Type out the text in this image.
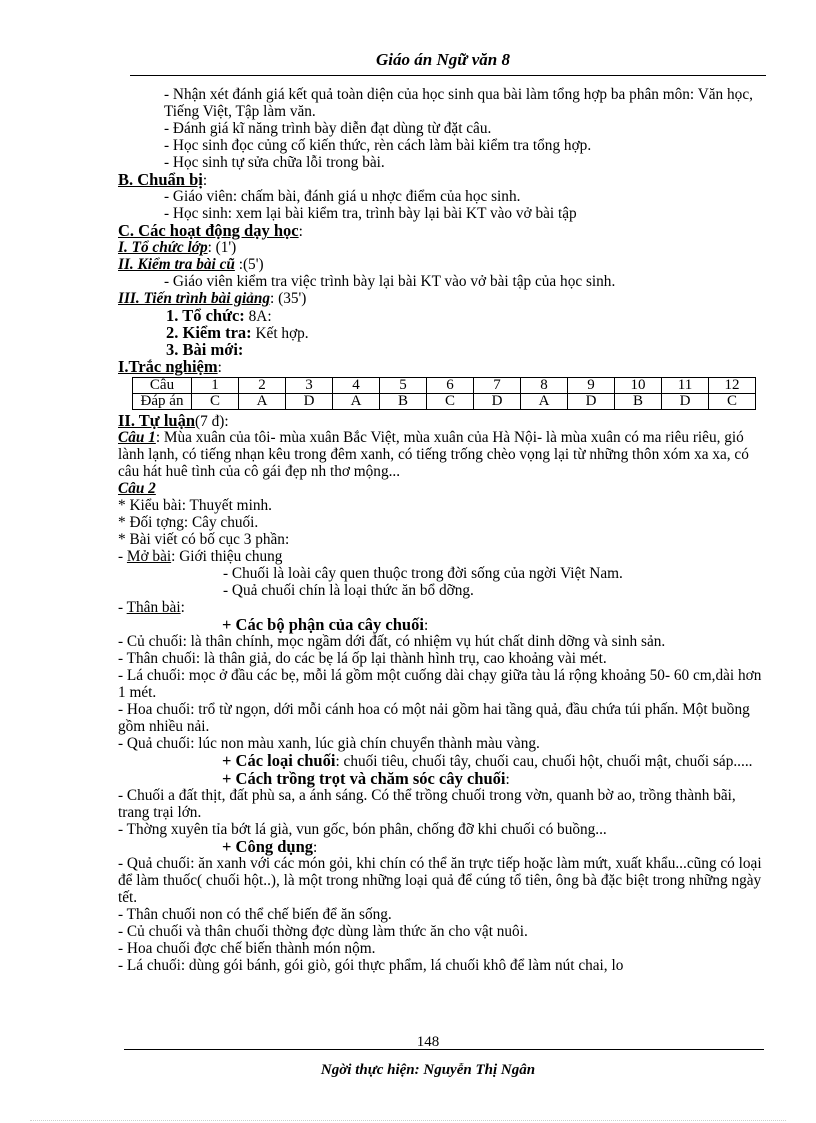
Giáo án Ngữ văn 8
- Nhận xét đánh giá kết quả toàn diện của học sinh qua bài làm tổng hợp ba phân môn: Văn học, Tiếng Việt, Tập làm văn.
- Đánh giá kĩ năng trình bày diễn đạt dùng từ đặt câu.
- Học sinh đọc củng cố kiến thức, rèn cách làm bài kiểm tra tổng hợp.
- Học sinh tự sửa chữa lỗi trong bài.
B. Chuẩn bị:
- Giáo viên: chấm bài, đánh giá u nhợc điểm của học sinh.
- Học sinh: xem lại bài kiểm tra, trình bày lại bài KT vào vở bài tập
C. Các hoạt động dạy học:
I. Tổ chức lớp: (1')
II. Kiểm tra bài cũ :(5')
- Giáo viên kiểm tra việc trình bày lại bài KT vào vở bài tập của học sinh.
III. Tiến trình bài giảng: (35')
1. Tổ chức: 8A:
2. Kiểm tra: Kết hợp.
3. Bài mới:
I.Trắc nghiệm:
Câu	1	2	3	4	5	6	7	8	9	10	11	12
Đáp án	C	A	D	A	B	C	D	A	D	B	D	C
II. Tự luận(7 đ):
Câu 1: Mùa xuân của tôi- mùa xuân Bắc Việt, mùa xuân của Hà Nội- là mùa xuân có ma riêu riêu, gió lành lạnh, có tiếng nhạn kêu trong đêm xanh, có tiếng trống chèo vọng lại từ những thôn xóm xa xa, có câu hát huê tình của cô gái đẹp nh thơ mộng...
Câu 2
* Kiểu bài: Thuyết minh.
* Đối tợng: Cây chuối.
* Bài viết có bố cục 3 phần:
- Mở bài: Giới thiệu chung
- Chuối là loài cây quen thuộc trong đời sống của ngời Việt Nam.
- Quả chuối chín là loại thức ăn bổ dỡng.
- Thân bài:
+ Các bộ phận của cây chuối:
- Củ chuối: là thân chính, mọc ngầm dới đất, có nhiệm vụ hút chất dinh dỡng và sinh sản.
- Thân chuối: là thân giả, do các bẹ lá ốp lại thành hình trụ, cao khoảng vài mét.
- Lá chuối: mọc ở đầu các bẹ, mỗi lá gồm một cuống dài chạy giữa tàu lá rộng khoảng 50- 60 cm,dài hơn 1 mét.
- Hoa chuối: trổ từ ngọn, dới mỗi cánh hoa có một nải gồm hai tầng quả, đầu chứa túi phấn. Một buồng gồm nhiều nải.
- Quả chuối: lúc non màu xanh, lúc già chín chuyển thành màu vàng.
+ Các loại chuối: chuối tiêu, chuối tây, chuối cau, chuối hột, chuối mật, chuối sáp.....
+ Cách trồng trọt và chăm sóc cây chuối:
- Chuối a đất thịt, đất phù sa, a ánh sáng. Có thể trồng chuối trong vờn, quanh bờ ao, trồng thành bãi, trang trại lớn.
- Thờng xuyên tỉa bớt lá già, vun gốc, bón phân, chống đỡ khi chuối có buồng...
+ Công dụng:
- Quả chuối: ăn xanh với các món gỏi, khi chín có thể ăn trực tiếp hoặc làm mứt, xuất khẩu...cũng có loại để làm thuốc( chuối hột..), là một trong những loại quả để cúng tổ tiên, ông bà đặc biệt trong những ngày tết.
- Thân chuối non có thể chế biến để ăn sống.
- Củ chuối và thân chuối thờng đợc dùng làm thức ăn cho vật nuôi.
- Hoa chuối đợc chế biến thành món nộm.
- Lá chuối: dùng gói bánh, gói giò, gói thực phẩm, lá chuối khô để làm nút chai, lo
148
Ngời thực hiện: Nguyễn Thị Ngân
